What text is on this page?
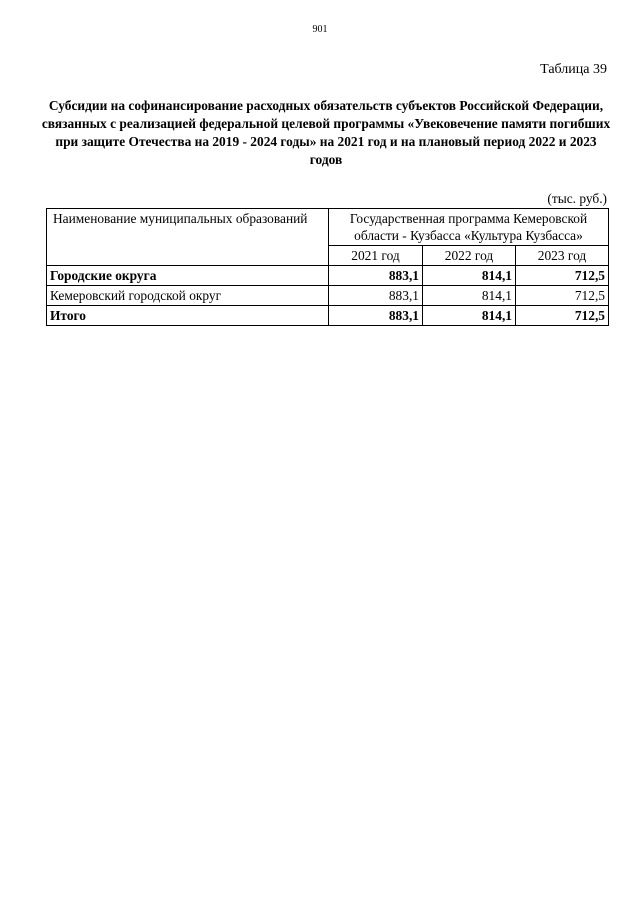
901
Таблица 39
Субсидии на софинансирование расходных обязательств субъектов Российской Федерации, связанных с реализацией федеральной целевой программы «Увековечение памяти погибших при защите Отечества на 2019 - 2024 годы» на 2021 год и на плановый период 2022 и 2023 годов
(тыс. руб.)
Наименование муниципальных образований	Государственная программа Кемеровской области - Кузбасса «Культура Кузбасса»		
	2021 год	2022 год	2023 год
Городские округа	883,1	814,1	712,5
Кемеровский городской округ	883,1	814,1	712,5
Итого	883,1	814,1	712,5
